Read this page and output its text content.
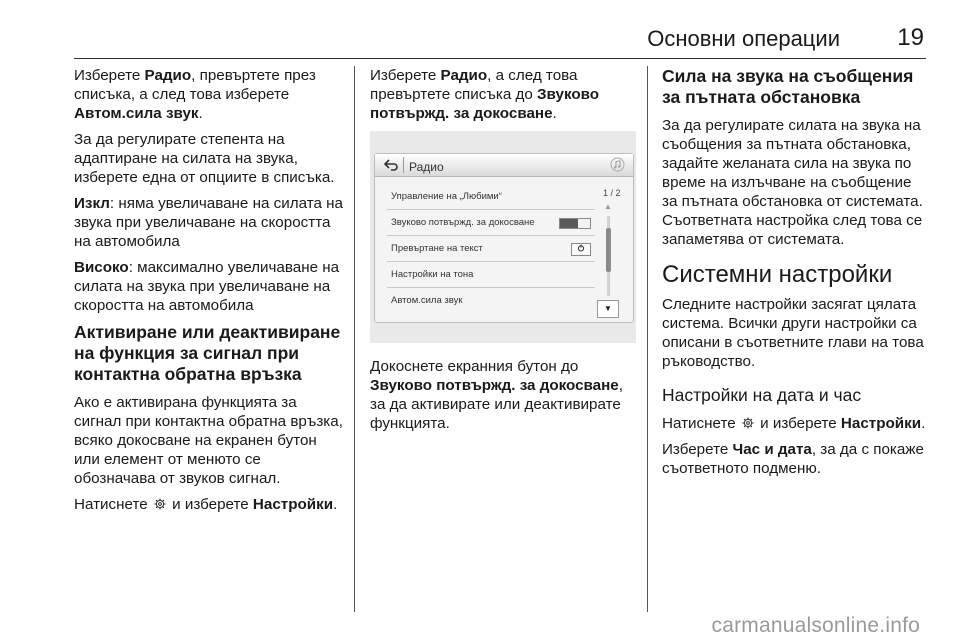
Основни операции 19

Изберете Радио, превъртете през списъка, а след това изберете Автом.сила звук.

За да регулирате степента на адаптиране на силата на звука, изберете една от опциите в списъка.

Изкл: няма увеличаване на силата на звука при увеличаване на скоростта на автомобила

Високо: максимално увеличаване на силата на звука при увеличаване на скоростта на автомобила

Активиране или деактивиране на функция за сигнал при контактна обратна връзка

Ако е активирана функцията за сигнал при контактна обратна връзка, всяко докосване на екранен бутон или елемент от менюто се обозначава от звуков сигнал.

Натиснете  и изберете Настройки.

Изберете Радио, а след това превъртете списъка до Звуково потвържд. за докосване.

Радио
Управление на „Любими“
Звуково потвържд. за докосване
Превъртане на текст
Настройки на тона
Автом.сила звук
1 / 2
▲
▼

Докоснете екранния бутон до Звуково потвържд. за докосване, за да активирате или деактивирате функцията.

Сила на звука на съобщения за пътната обстановка

За да регулирате силата на звука на съобщения за пътната обстановка, задайте желаната сила на звука по време на излъчване на съобщение за пътната обстановка от системата. Съответната настройка след това се запаметява от системата.

Системни настройки

Следните настройки засягат цялата система. Всички други настройки са описани в съответните глави на това ръководство.

Настройки на дата и час

Натиснете  и изберете Настройки.

Изберете Час и дата, за да с покаже съответното подменю.

carmanualsonline.info
